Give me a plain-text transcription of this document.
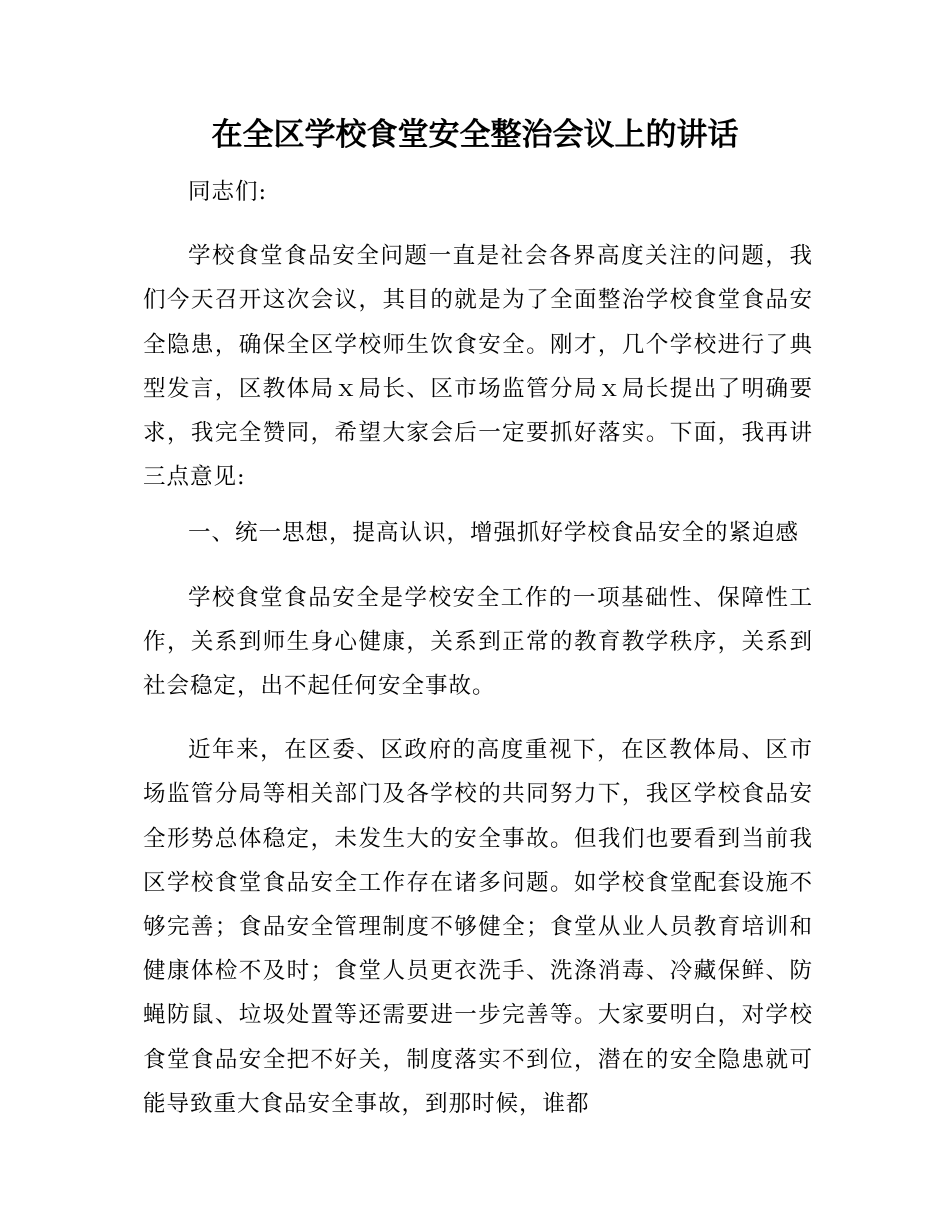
在全区学校食堂安全整治会议上的讲话

同志们:

学校食堂食品安全问题一直是社会各界高度关注的问题，我们今天召开这次会议，其目的就是为了全面整治学校食堂食品安全隐患，确保全区学校师生饮食安全。刚才，几个学校进行了典型发言，区教体局ｘ局长、区市场监管分局ｘ局长提出了明确要求，我完全赞同，希望大家会后一定要抓好落实。下面，我再讲三点意见:

一、统一思想，提高认识，增强抓好学校食品安全的紧迫感

学校食堂食品安全是学校安全工作的一项基础性、保障性工作，关系到师生身心健康，关系到正常的教育教学秩序，关系到社会稳定，出不起任何安全事故。

近年来，在区委、区政府的高度重视下，在区教体局、区市场监管分局等相关部门及各学校的共同努力下，我区学校食品安全形势总体稳定，未发生大的安全事故。但我们也要看到当前我区学校食堂食品安全工作存在诸多问题。如学校食堂配套设施不够完善；食品安全管理制度不够健全；食堂从业人员教育培训和健康体检不及时；食堂人员更衣洗手、洗涤消毒、冷藏保鲜、防蝇防鼠、垃圾处置等还需要进一步完善等。大家要明白，对学校食堂食品安全把不好关，制度落实不到位，潜在的安全隐患就可能导致重大食品安全事故，到那时候，谁都
